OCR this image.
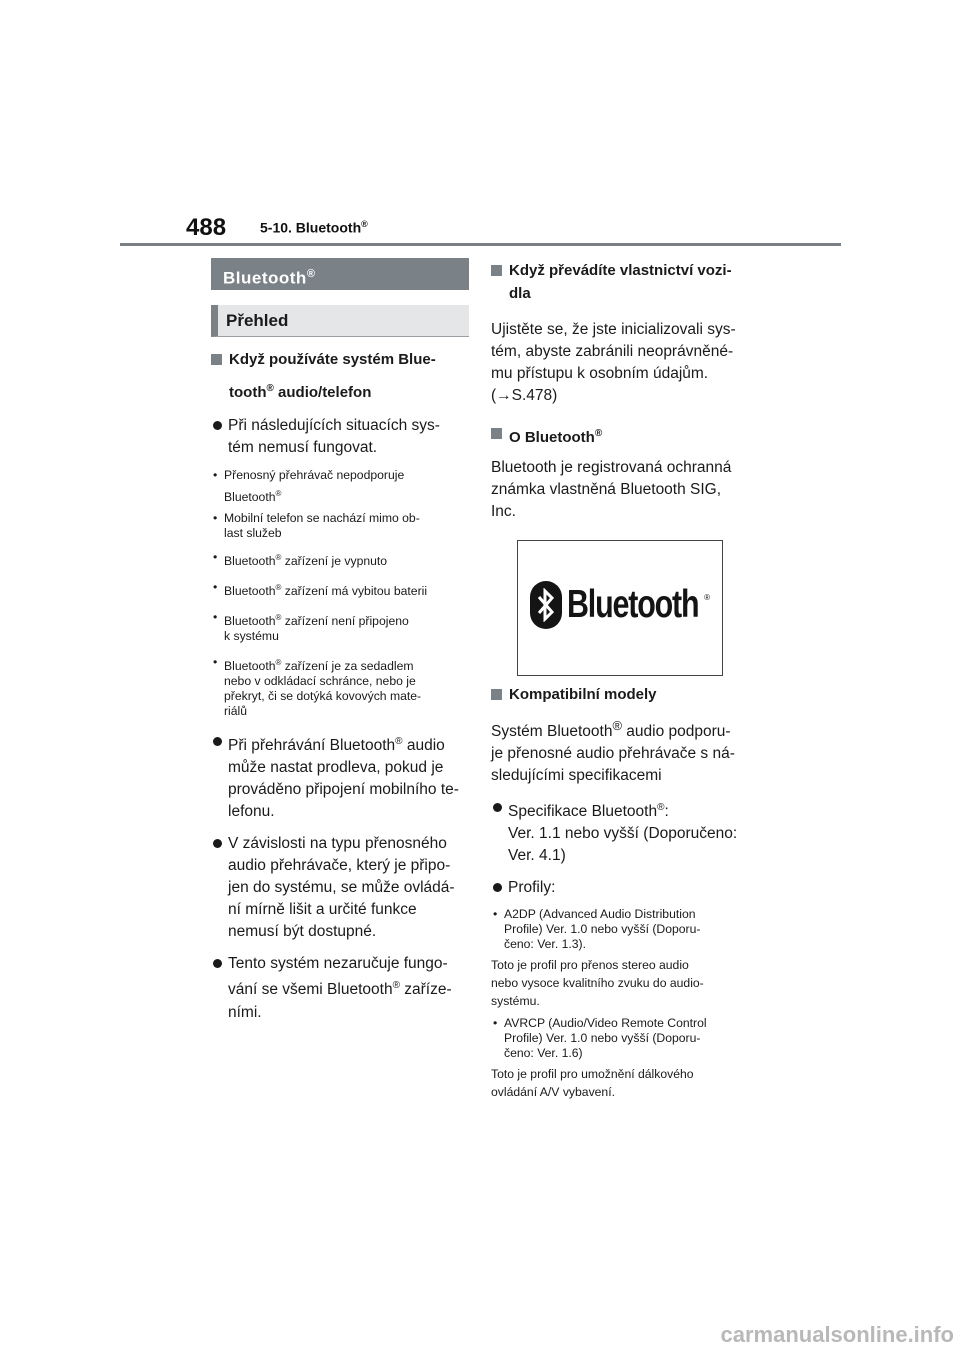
488 5-10. Bluetooth®
Bluetooth®
Přehled
Když používáte systém Blue-
tooth® audio/telefon
Při následujících situacích sys-
tém nemusí fungovat.
• Přenosný přehrávač nepodporuje
Bluetooth®
• Mobilní telefon se nachází mimo ob-
last služeb
• Bluetooth® zařízení je vypnuto
• Bluetooth® zařízení má vybitou baterii
• Bluetooth® zařízení není připojeno
k systému
• Bluetooth® zařízení je za sedadlem
nebo v odkládací schránce, nebo je
překryt, či se dotýká kovových mate-
riálů
Při přehrávání Bluetooth® audio
může nastat prodleva, pokud je
prováděno připojení mobilního te-
lefonu.
V závislosti na typu přenosného
audio přehrávače, který je připo-
jen do systému, se může ovládá-
ní mírně lišit a určité funkce
nemusí být dostupné.
Tento systém nezaručuje fungo-
vání se všemi Bluetooth® zaříze-
ními.
Když převádíte vlastnictví vozi-
dla
Ujistěte se, že jste inicializovali sys-
tém, abyste zabránili neoprávněné-
mu přístupu k osobním údajům.
(→S.478)
O Bluetooth®
Bluetooth je registrovaná ochranná
známka vlastněná Bluetooth SIG,
Inc.
Bluetooth ®
Kompatibilní modely
Systém Bluetooth® audio podporu-
je přenosné audio přehrávače s ná-
sledujícími specifikacemi
Specifikace Bluetooth®:
Ver. 1.1 nebo vyšší (Doporučeno:
Ver. 4.1)
Profily:
• A2DP (Advanced Audio Distribution
Profile) Ver. 1.0 nebo vyšší (Doporu-
čeno: Ver. 1.3).
Toto je profil pro přenos stereo audio
nebo vysoce kvalitního zvuku do audio-
systému.
• AVRCP (Audio/Video Remote Control
Profile) Ver. 1.0 nebo vyšší (Doporu-
čeno: Ver. 1.6)
Toto je profil pro umožnění dálkového
ovládání A/V vybavení.
carmanualsonline.info
